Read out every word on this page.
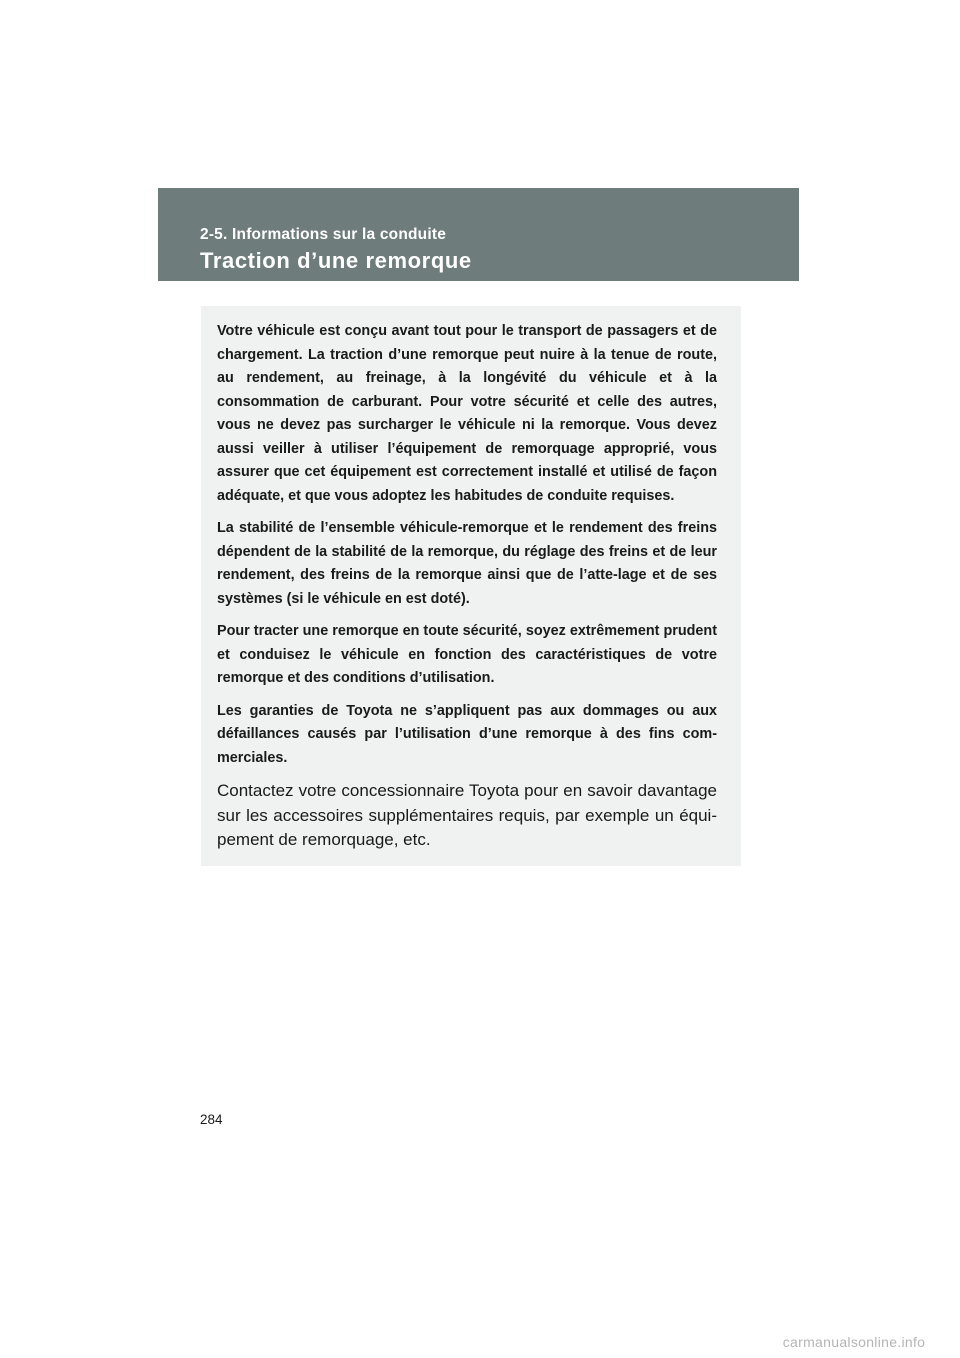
2-5. Informations sur la conduite
Traction d’une remorque

Votre véhicule est conçu avant tout pour le transport de passagers et de chargement. La traction d’une remorque peut nuire à la tenue de route, au rendement, au freinage, à la longévité du véhicule et à la consommation de carburant. Pour votre sécurité et celle des autres, vous ne devez pas surcharger le véhicule ni la remorque. Vous devez aussi veiller à utiliser l’équipement de remorquage approprié, vous assurer que cet équipement est correctement installé et utilisé de façon adéquate, et que vous adoptez les habitudes de conduite requises.

La stabilité de l’ensemble véhicule-remorque et le rendement des freins dépendent de la stabilité de la remorque, du réglage des freins et de leur rendement, des freins de la remorque ainsi que de l’atte-lage et de ses systèmes (si le véhicule en est doté).

Pour tracter une remorque en toute sécurité, soyez extrêmement prudent et conduisez le véhicule en fonction des caractéristiques de votre remorque et des conditions d’utilisation.

Les garanties de Toyota ne s’appliquent pas aux dommages ou aux défaillances causés par l’utilisation d’une remorque à des fins com-merciales.

Contactez votre concessionnaire Toyota pour en savoir davantage sur les accessoires supplémentaires requis, par exemple un équi-pement de remorquage, etc.

284
carmanualsonline.info
